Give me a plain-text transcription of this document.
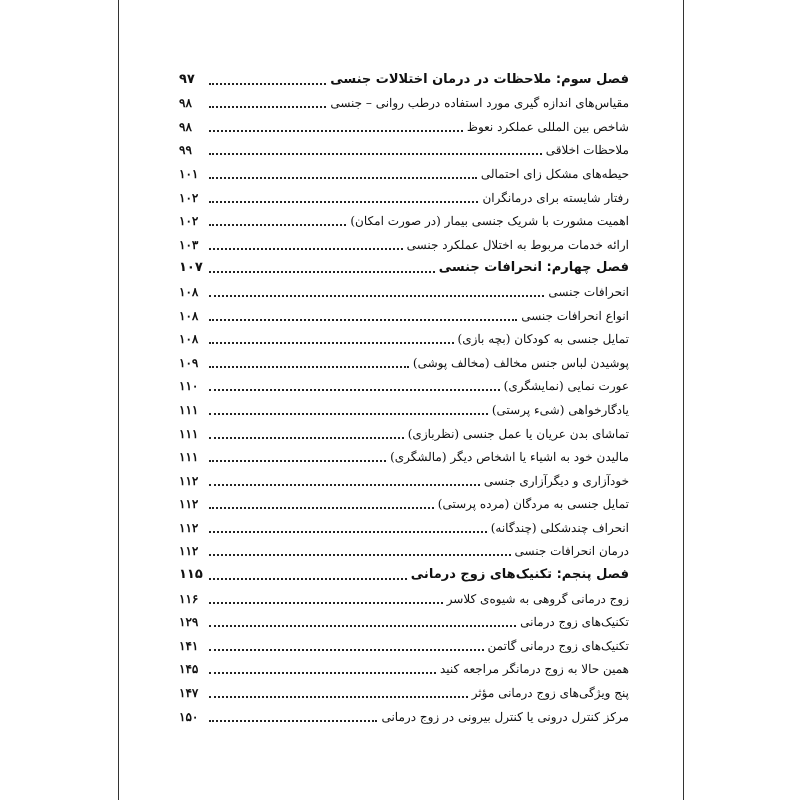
فصل سوم: ملاحظات در درمان اختلالات جنسی
۹۷
مقیاس‌های اندازه گیری مورد استفاده درطب روانی – جنسی
۹۸
شاخص بین المللی عملکرد نعوظ
۹۸
ملاحظات اخلاقی
۹۹
حیطه‌های مشکل زای احتمالی
۱۰۱
رفتار شایسته برای درمانگران
۱۰۲
اهمیت مشورت با شریک جنسی بیمار (در صورت امکان)
۱۰۲
ارائه خدمات مربوط به اختلال عملکرد جنسی
۱۰۳
فصل چهارم: انحرافات جنسی
۱۰۷
انحرافات جنسی
۱۰۸
انواع انحرافات جنسی
۱۰۸
تمایل جنسی به کودکان (بچه بازی)
۱۰۸
پوشیدن لباس جنس مخالف (مخالف پوشی)
۱۰۹
عورت نمایی (نمایشگری)
۱۱۰
یادگارخواهی (شیء پرستی)
۱۱۱
تماشای بدن عریان یا عمل جنسی (نظربازی)
۱۱۱
مالیدن خود به اشیاء یا اشخاص دیگر (مالشگری)
۱۱۱
خودآزاری و دیگرآزاری جنسی
۱۱۲
تمایل جنسی به مردگان (مرده پرستی)
۱۱۲
انحراف چندشکلی (چندگانه)
۱۱۲
درمان انحرافات جنسی
۱۱۲
فصل پنجم: تکنیک‌های زوج درمانی
۱۱۵
زوج درمانی گروهی به شیوه‌ی کلاسر
۱۱۶
تکنیک‌های زوج درمانی
۱۲۹
تکنیک‌های زوج درمانی گاتمن
۱۴۱
همین حالا به زوج درمانگر مراجعه کنید
۱۴۵
پنج ویژگی‌های زوج درمانی مؤثر
۱۴۷
مرکز کنترل درونی یا کنترل بیرونی در زوج درمانی
۱۵۰
